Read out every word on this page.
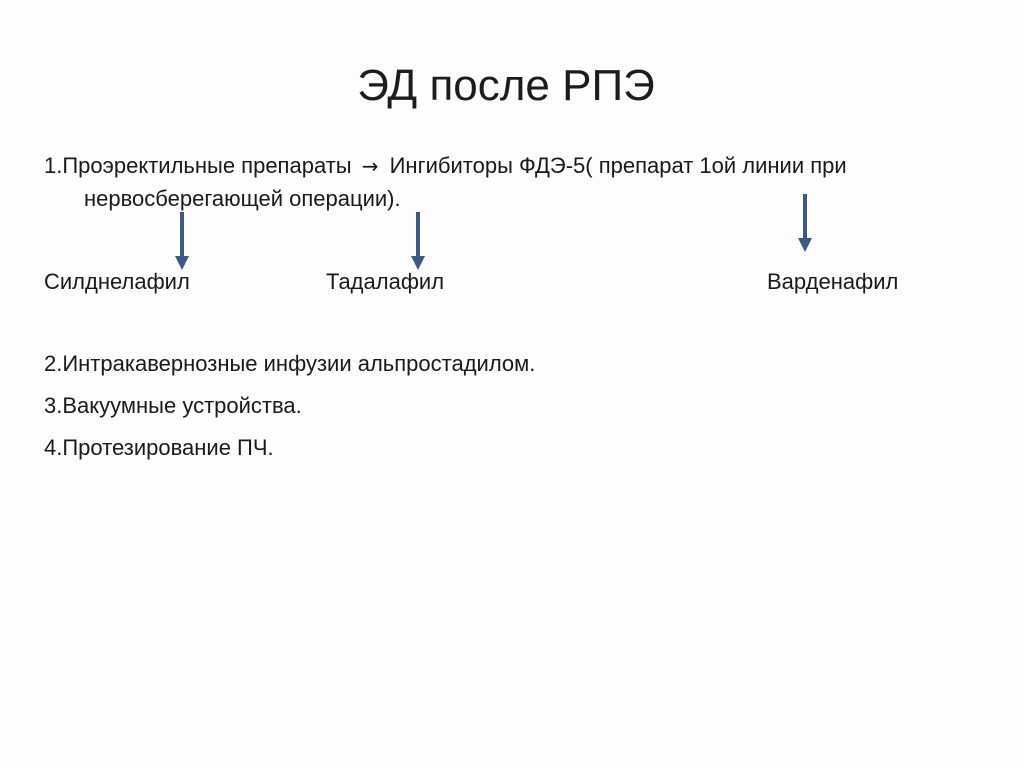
ЭД после РПЭ
1.Проэректильные препараты → Ингибиторы ФДЭ-5( препарат 1ой линии при
нервосберегающей операции).
Силднелафил	Тадалафил	Варденафил
2.Интракавернозные инфузии альпростадилом.
3.Вакуумные устройства.
4.Протезирование ПЧ.
